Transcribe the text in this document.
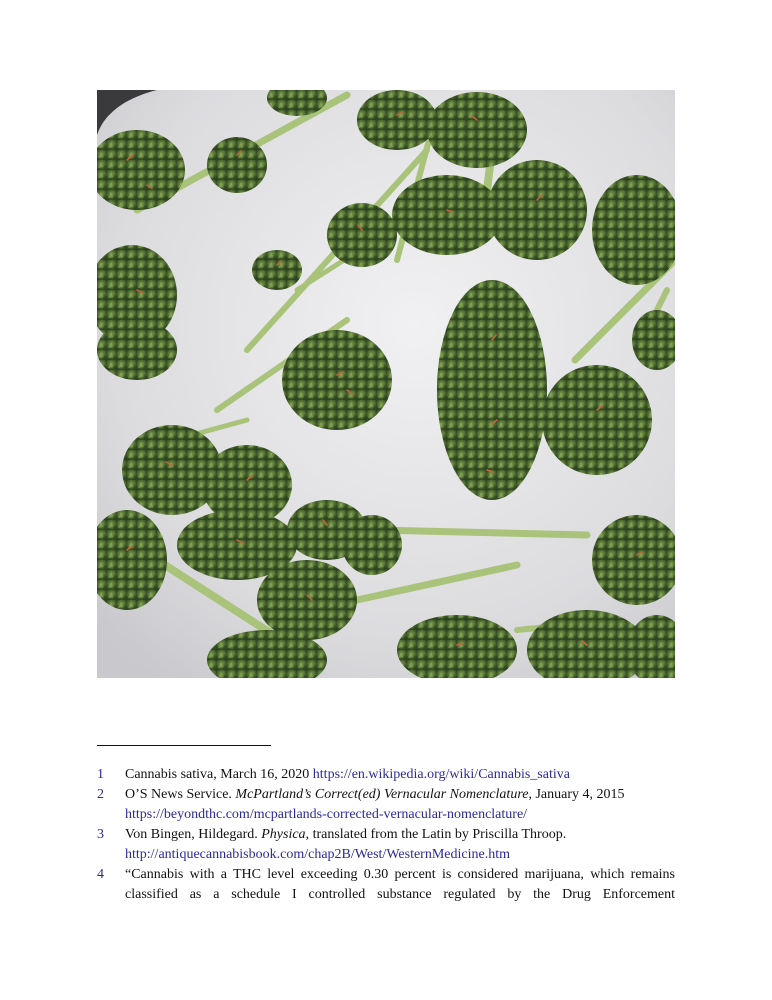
1	Cannabis sativa, March 16, 2020 https://en.wikipedia.org/wiki/Cannabis_sativa
2	O’S News Service. McPartland’s Correct(ed) Vernacular Nomenclature, January 4, 2015
https://beyondthc.com/mcpartlands-corrected-vernacular-nomenclature/
3	Von Bingen, Hildegard. Physica, translated from the Latin by Priscilla Throop.
http://antiquecannabisbook.com/chap2B/West/WesternMedicine.htm
4	“Cannabis with a THC level exceeding 0.30 percent is considered marijuana, which remains classified as a schedule I controlled substance regulated by the Drug Enforcement
